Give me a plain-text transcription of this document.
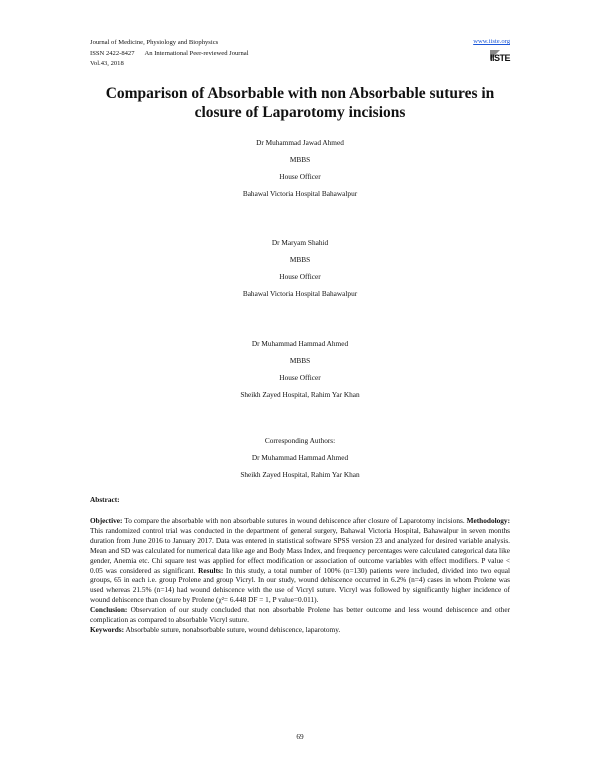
Journal of Medicine, Physiology and Biophysics
ISSN 2422-8427 An International Peer-reviewed Journal
Vol.43, 2018
www.iiste.org
IISTE
Comparison of Absorbable with non Absorbable sutures in
closure of Laparotomy incisions
Dr Muhammad Jawad Ahmed
MBBS
House Officer
Bahawal Victoria Hospital Bahawalpur
Dr Maryam Shahid
MBBS
House Officer
Bahawal Victoria Hospital Bahawalpur
Dr Muhammad Hammad Ahmed
MBBS
House Officer
Sheikh Zayed Hospital, Rahim Yar Khan
Corresponding Authors:
Dr Muhammad Hammad Ahmed
Sheikh Zayed Hospital, Rahim Yar Khan
Abstract:

Objective: To compare the absorbable with non absorbable sutures in wound dehiscence after closure of Laparotomy incisions. Methodology: This randomized control trial was conducted in the department of general surgery, Bahawal Victoria Hospital, Bahawalpur in seven months duration from June 2016 to January 2017. Data was entered in statistical software SPSS version 23 and analyzed for desired variable analysis. Mean and SD was calculated for numerical data like age and Body Mass Index, and frequency percentages were calculated categorical data like gender, Anemia etc. Chi square test was applied for effect modification or association of outcome variables with effect modifiers. P value < 0.05 was considered as significant. Results: In this study, a total number of 100% (n=130) patients were included, divided into two equal groups, 65 in each i.e. group Prolene and group Vicryl. In our study, wound dehiscence occurred in 6.2% (n=4) cases in whom Prolene was used whereas 21.5% (n=14) had wound dehiscence with the use of Vicryl suture. Vicryl was followed by significantly higher incidence of wound dehiscence than closure by Prolene (χ²= 6.448 DF = 1, P value=0.011).

Conclusion: Observation of our study concluded that non absorbable Prolene has better outcome and less wound dehiscence and other complication as compared to absorbable Vicryl suture.

Keywords: Absorbable suture, nonabsorbable suture, wound dehiscence, laparotomy.

69
